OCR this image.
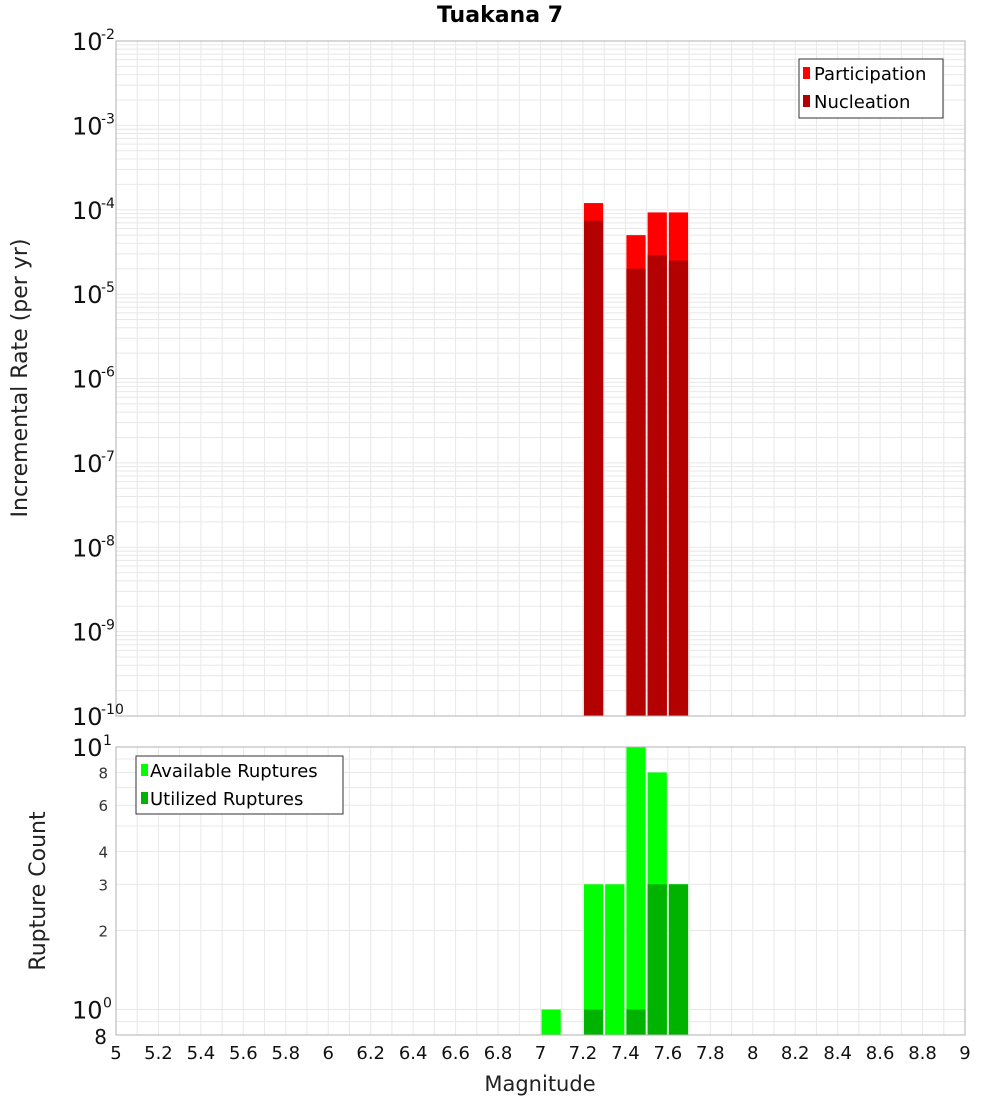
Tuakana 7
10
-10
10
-9
10
-8
10
-7
10
-6
10
-5
10
-4
10
-3
10
-2
Incremental Rate (per yr)
Participation
Nucleation
10 0
10 1
8
2
3
4
6
8
5 5.2 5.4 5.6 5.8 6 6.2 6.4 6.6 6.8 7 7.2 7.4 7.6 7.8 8 8.2 8.4 8.6 8.8 9
Rupture Count
Magnitude
Available Ruptures
Utilized Ruptures
